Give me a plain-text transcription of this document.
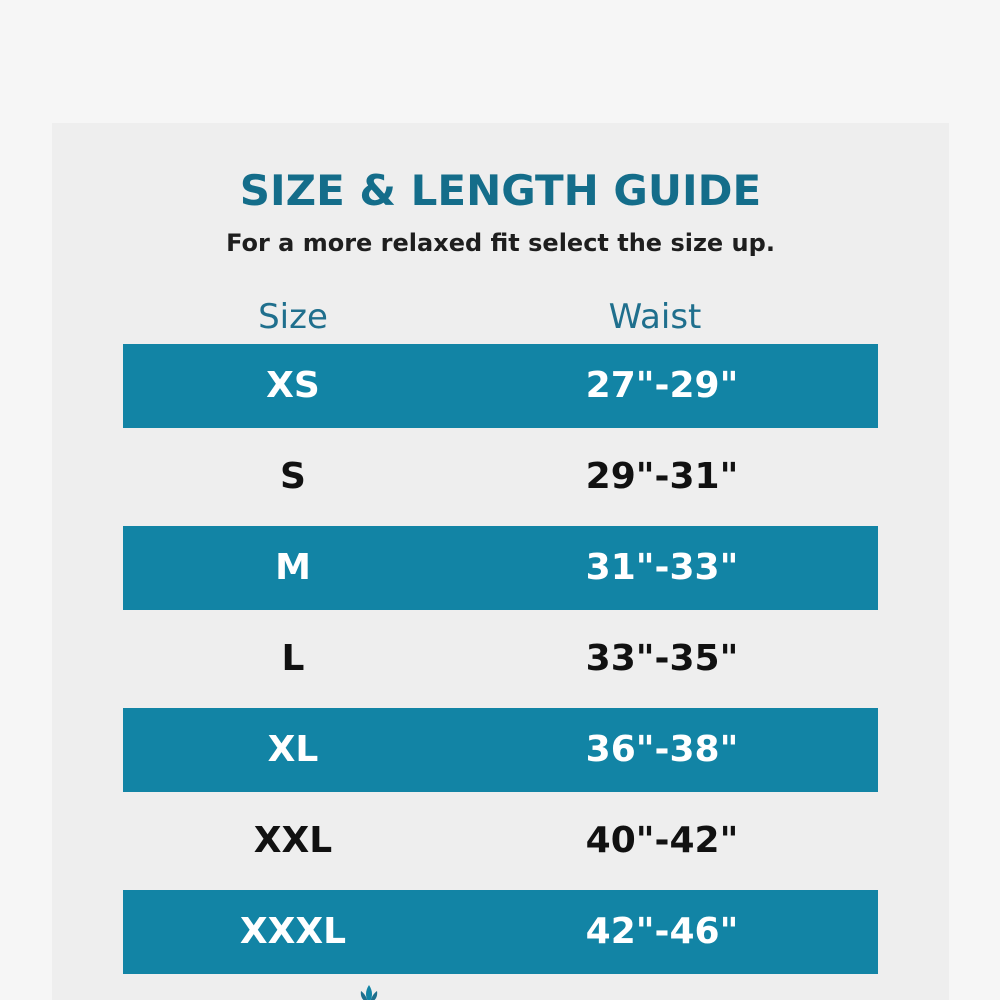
SIZE & LENGTH GUIDE
For a more relaxed fit select the size up.
Size	Waist
XS	27"-29"
S	29"-31"
M	31"-33"
L	33"-35"
XL	36"-38"
XXL	40"-42"
XXXL	42"-46"
